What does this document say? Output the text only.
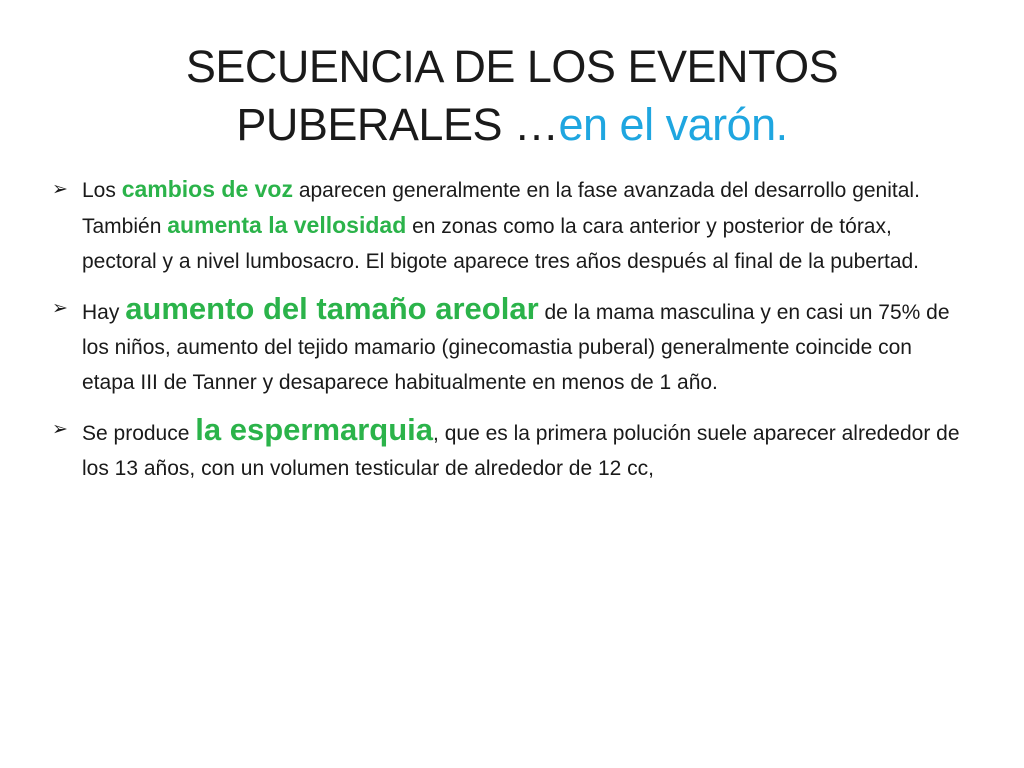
SECUENCIA DE LOS EVENTOS
PUBERALES …en el varón.
➢ Los cambios de voz aparecen generalmente en la fase avanzada del desarrollo genital. También aumenta la vellosidad en zonas como la cara anterior y posterior de tórax, pectoral y a nivel lumbosacro. El bigote aparece tres años después al final de la pubertad.
➢ Hay aumento del tamaño areolar de la mama masculina y en casi un 75% de los niños, aumento del tejido mamario (ginecomastia puberal) generalmente coincide con etapa III de Tanner y desaparece habitualmente en menos de 1 año.
➢ Se produce la espermarquia, que es la primera polución suele aparecer alrededor de los 13 años, con un volumen testicular de alrededor de 12 cc,
